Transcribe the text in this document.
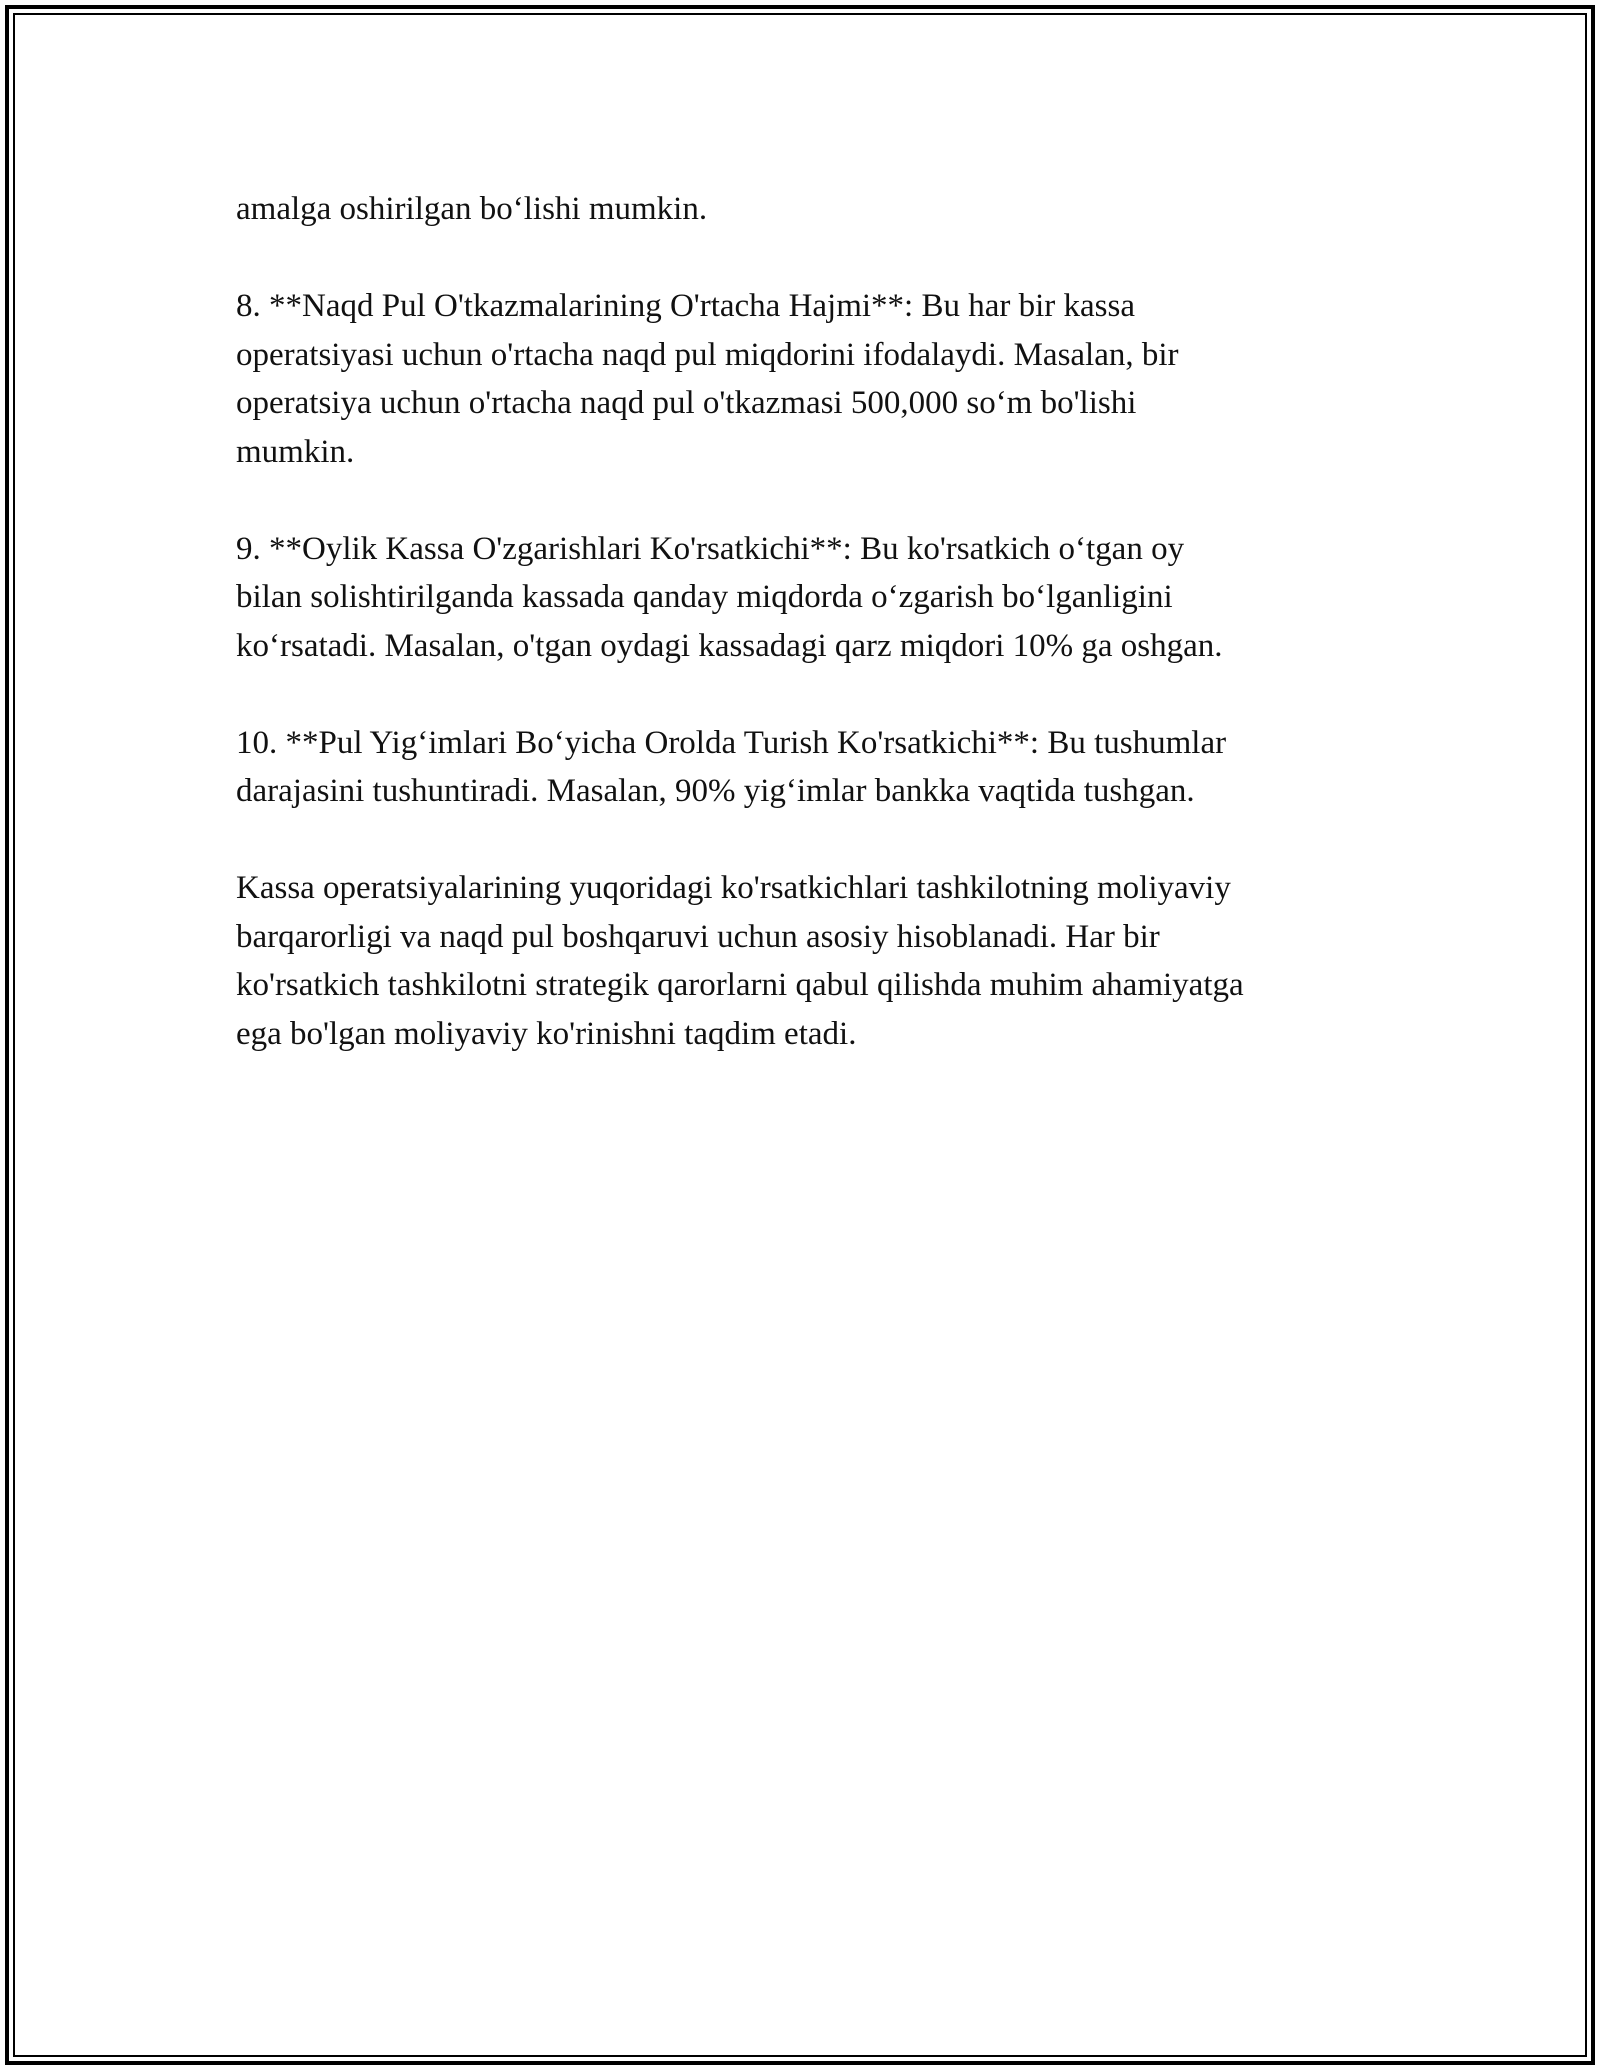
amalga oshirilgan bo‘lishi mumkin.

8. **Naqd Pul O'tkazmalarining O'rtacha Hajmi**: Bu har bir kassa
operatsiyasi uchun o'rtacha naqd pul miqdorini ifodalaydi. Masalan, bir
operatsiya uchun o'rtacha naqd pul o'tkazmasi 500,000 so‘m bo'lishi
mumkin.

9. **Oylik Kassa O'zgarishlari Ko'rsatkichi**: Bu ko'rsatkich o‘tgan oy
bilan solishtirilganda kassada qanday miqdorda o‘zgarish bo‘lganligini
ko‘rsatadi. Masalan, o'tgan oydagi kassadagi qarz miqdori 10% ga oshgan.

10. **Pul Yig‘imlari Bo‘yicha Orolda Turish Ko'rsatkichi**: Bu tushumlar
darajasini tushuntiradi. Masalan, 90% yig‘imlar bankka vaqtida tushgan.

Kassa operatsiyalarining yuqoridagi ko'rsatkichlari tashkilotning moliyaviy
barqarorligi va naqd pul boshqaruvi uchun asosiy hisoblanadi. Har bir
ko'rsatkich tashkilotni strategik qarorlarni qabul qilishda muhim ahamiyatga
ega bo'lgan moliyaviy ko'rinishni taqdim etadi.
